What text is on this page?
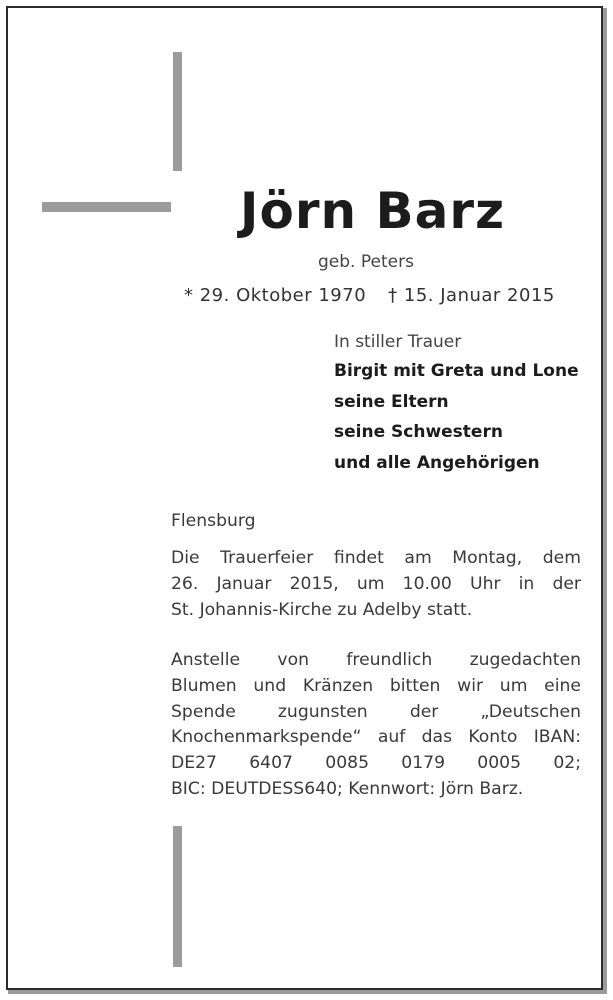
Jörn Barz
geb. Peters
* 29. Oktober 1970 † 15. Januar 2015
In stiller Trauer
Birgit mit Greta und Lone
seine Eltern
seine Schwestern
und alle Angehörigen
Flensburg
Die Trauerfeier findet am Montag, dem
26. Januar 2015, um 10.00 Uhr in der
St. Johannis-Kirche zu Adelby statt.
Anstelle von freundlich zugedachten
Blumen und Kränzen bitten wir um eine
Spende zugunsten der „Deutschen
Knochenmarkspende“ auf das Konto IBAN:
DE27 6407 0085 0179 0005 02;
BIC: DEUTDESS640; Kennwort: Jörn Barz.
